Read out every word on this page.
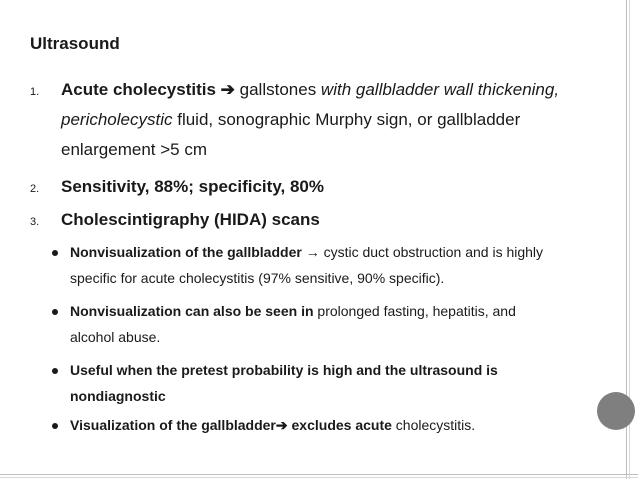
Ultrasound
1. Acute cholecystitis ➔ gallstones with gallbladder wall thickening,
pericholecystic fluid, sonographic Murphy sign, or gallbladder
enlargement >5 cm
2. Sensitivity, 88%; specificity, 80%
3. Cholescintigraphy (HIDA) scans
Nonvisualization of the gallbladder → cystic duct obstruction and is highly
specific for acute cholecystitis (97% sensitive, 90% specific).
Nonvisualization can also be seen in prolonged fasting, hepatitis, and
alcohol abuse.
Useful when the pretest probability is high and the ultrasound is
nondiagnostic
Visualization of the gallbladder➔ excludes acute cholecystitis.
